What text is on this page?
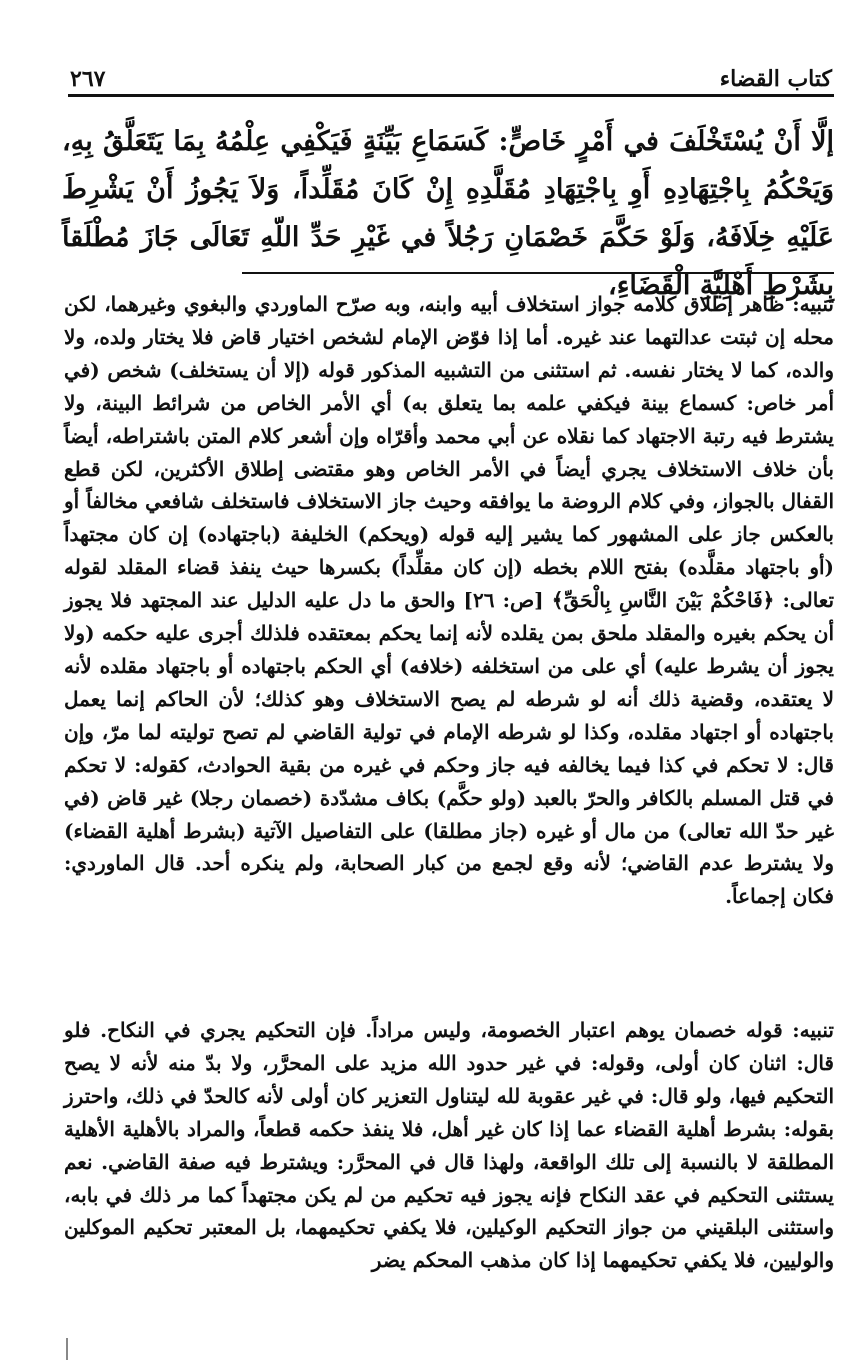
كتاب القضاء
٢٦٧
إلَّا أَنْ يُسْتَخْلَفَ في أَمْرٍ خَاصٍّ: كَسَمَاعِ بَيِّنَةٍ فَيَكْفِي عِلْمُهُ بِمَا يَتَعَلَّقُ بِهِ، وَيَحْكُمُ بِاجْتِهَادِهِ أَوِ بِاجْتِهَادِ مُقَلَّدِهِ إِنْ كَانَ مُقَلِّداً، وَلاَ يَجُوزُ أَنْ يَشْرِطَ عَلَيْهِ خِلَافَهُ، وَلَوْ حَكَّمَ خَصْمَانِ رَجُلاً في غَيْرِ حَدِّ اللّهِ تَعَالَى جَازَ مُطْلَقاً بِشَرْطِ أَهْلِيَّةِ الْقَضَاءِ،
تنبيه: ظاهر إطلاق كلامه جواز استخلاف أبيه وابنه، وبه صرّح الماوردي والبغوي وغيرهما، لكن محله إن ثبتت عدالتهما عند غيره. أما إذا فوّض الإمام لشخص اختيار قاض فلا يختار ولده، ولا والده، كما لا يختار نفسه. ثم استثنى من التشبيه المذكور قوله (إلا أن يستخلف) شخص (في أمر خاص: كسماع بينة فيكفي علمه بما يتعلق به) أي الأمر الخاص من شرائط البينة، ولا يشترط فيه رتبة الاجتهاد كما نقلاه عن أبي محمد وأقرّاه وإن أشعر كلام المتن باشتراطه، أيضاً بأن خلاف الاستخلاف يجري أيضاً في الأمر الخاص وهو مقتضى إطلاق الأكثرين، لكن قطع القفال بالجواز، وفي كلام الروضة ما يوافقه وحيث جاز الاستخلاف فاستخلف شافعي مخالفاً أو بالعكس جاز على المشهور كما يشير إليه قوله (ويحكم) الخليفة (باجتهاده) إن كان مجتهداً (أو باجتهاد مقلَّده) بفتح اللام بخطه (إن كان مقلِّداً) بكسرها حيث ينفذ قضاء المقلد لقوله تعالى: ﴿فَاحْكُمْ بَيْنَ النَّاسِ بِالْحَقِّ﴾ [ص: ٢٦] والحق ما دل عليه الدليل عند المجتهد فلا يجوز أن يحكم بغيره والمقلد ملحق بمن يقلده لأنه إنما يحكم بمعتقده فلذلك أجرى عليه حكمه (ولا يجوز أن يشرط عليه) أي على من استخلفه (خلافه) أي الحكم باجتهاده أو باجتهاد مقلده لأنه لا يعتقده، وقضية ذلك أنه لو شرطه لم يصح الاستخلاف وهو كذلك؛ لأن الحاكم إنما يعمل باجتهاده أو اجتهاد مقلده، وكذا لو شرطه الإمام في تولية القاضي لم تصح توليته لما مرّ، وإن قال: لا تحكم في كذا فيما يخالفه فيه جاز وحكم في غيره من بقية الحوادث، كقوله: لا تحكم في قتل المسلم بالكافر والحرّ بالعبد (ولو حكَّم) بكاف مشدّدة (خصمان رجلا) غير قاض (في غير حدّ الله تعالى) من مال أو غيره (جاز مطلقا) على التفاصيل الآتية (بشرط أهلية القضاء) ولا يشترط عدم القاضي؛ لأنه وقع لجمع من كبار الصحابة، ولم ينكره أحد. قال الماوردي: فكان إجماعاً.
تنبيه: قوله خصمان يوهم اعتبار الخصومة، وليس مراداً. فإن التحكيم يجري في النكاح. فلو قال: اثنان كان أولى، وقوله: في غير حدود الله مزيد على المحرَّر، ولا بدّ منه لأنه لا يصح التحكيم فيها، ولو قال: في غير عقوبة لله ليتناول التعزير كان أولى لأنه كالحدّ في ذلك، واحترز بقوله: بشرط أهلية القضاء عما إذا كان غير أهل، فلا ينفذ حكمه قطعاً، والمراد بالأهلية الأهلية المطلقة لا بالنسبة إلى تلك الواقعة، ولهذا قال في المحرَّر: ويشترط فيه صفة القاضي. نعم يستثنى التحكيم في عقد النكاح فإنه يجوز فيه تحكيم من لم يكن مجتهداً كما مر ذلك في بابه، واستثنى البلقيني من جواز التحكيم الوكيلين، فلا يكفي تحكيمهما، بل المعتبر تحكيم الموكلين والوليين، فلا يكفي تحكيمهما إذا كان مذهب المحكم يضر
